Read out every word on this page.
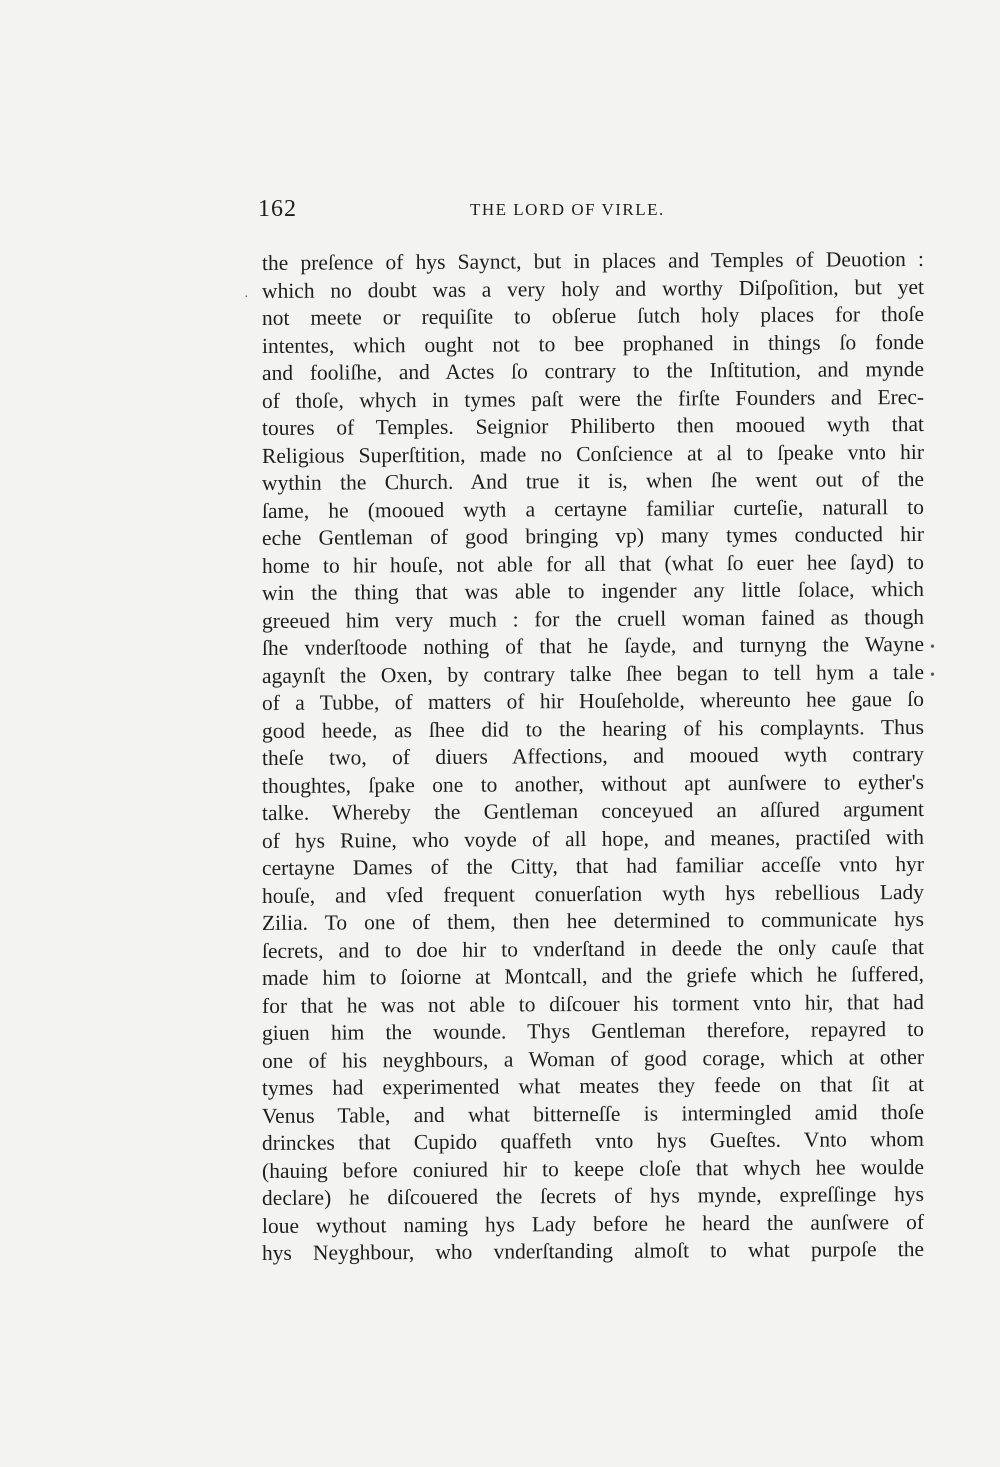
162	THE LORD OF VIRLE.
the preſence of hys Saynct, but in places and Temples of Deuotion :
which no doubt was a very holy and worthy Diſpoſition, but yet
not meete or requiſite to obſerue ſutch holy places for thoſe
intentes, which ought not to bee prophaned in things ſo fonde
and fooliſhe, and Actes ſo contrary to the Inſtitution, and mynde
of thoſe, whych in tymes paſt were the firſte Founders and Erec-
toures of Temples. Seignior Philiberto then mooued wyth that
Religious Superſtition, made no Conſcience at al to ſpeake vnto hir
wythin the Church. And true it is, when ſhe went out of the
ſame, he (mooued wyth a certayne familiar curteſie, naturall to
eche Gentleman of good bringing vp) many tymes conducted hir
home to hir houſe, not able for all that (what ſo euer hee ſayd) to
win the thing that was able to ingender any little ſolace, which
greeued him very much : for the cruell woman fained as though
ſhe vnderſtoode nothing of that he ſayde, and turnyng the Wayne
agaynſt the Oxen, by contrary talke ſhee began to tell hym a tale
of a Tubbe, of matters of hir Houſeholde, whereunto hee gaue ſo
good heede, as ſhee did to the hearing of his complaynts. Thus
theſe two, of diuers Affections, and mooued wyth contrary
thoughtes, ſpake one to another, without apt aunſwere to eyther's
talke. Whereby the Gentleman conceyued an aſſured argument
of hys Ruine, who voyde of all hope, and meanes, practiſed with
certayne Dames of the Citty, that had familiar acceſſe vnto hyr
houſe, and vſed frequent conuerſation wyth hys rebellious Lady
Zilia. To one of them, then hee determined to communicate hys
ſecrets, and to doe hir to vnderſtand in deede the only cauſe that
made him to ſoiorne at Montcall, and the griefe which he ſuffered,
for that he was not able to diſcouer his torment vnto hir, that had
giuen him the wounde. Thys Gentleman therefore, repayred to
one of his neyghbours, a Woman of good corage, which at other
tymes had experimented what meates they feede on that ſit at
Venus Table, and what bitterneſſe is intermingled amid thoſe
drinckes that Cupido quaffeth vnto hys Gueſtes. Vnto whom
(hauing before coniured hir to keepe cloſe that whych hee woulde
declare) he diſcouered the ſecrets of hys mynde, expreſſinge hys
loue wythout naming hys Lady before he heard the aunſwere of
hys Neyghbour, who vnderſtanding almoſt to what purpoſe the
•
•
·
